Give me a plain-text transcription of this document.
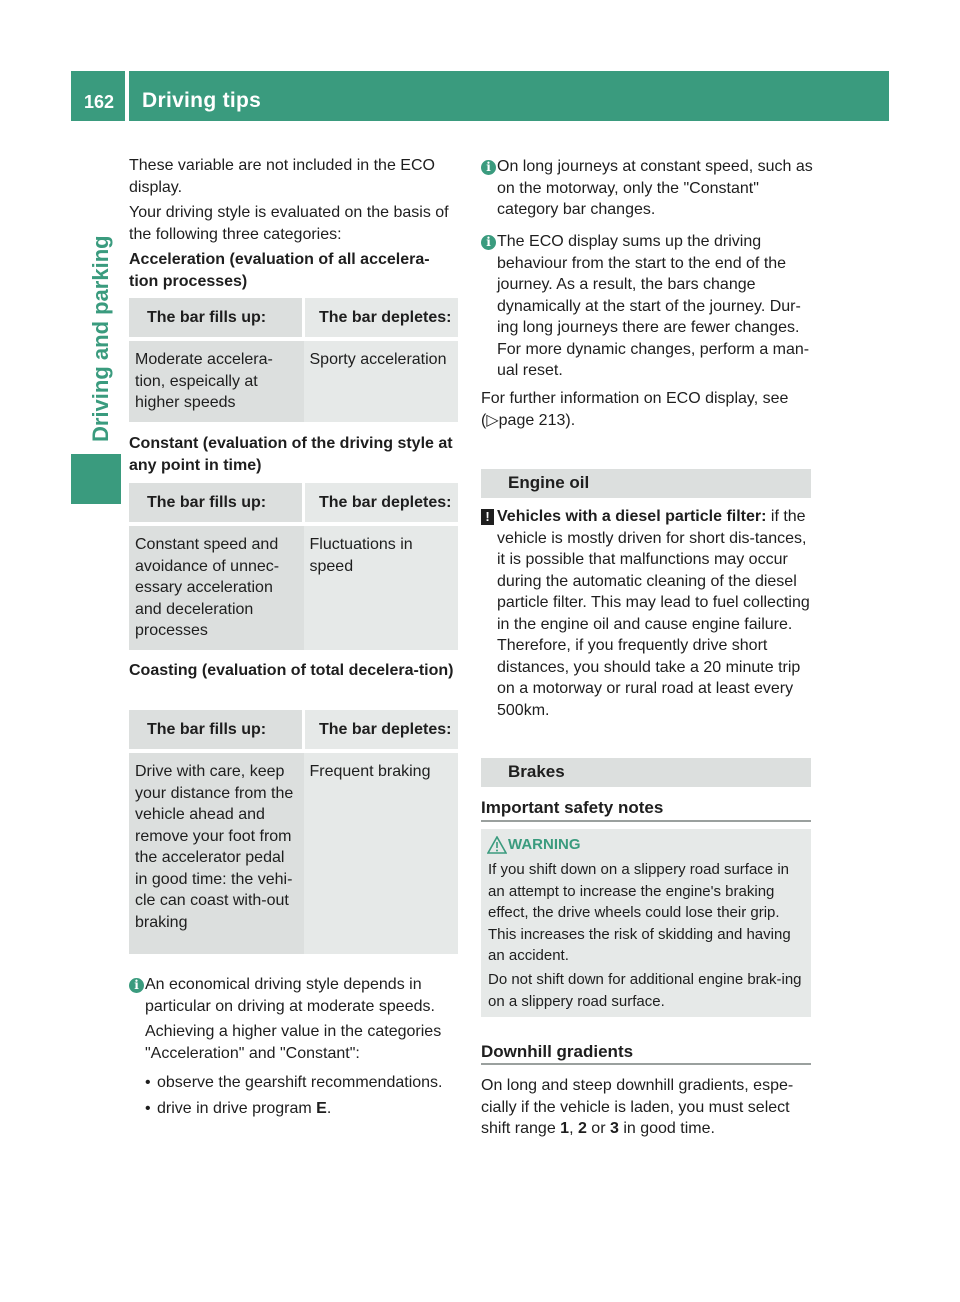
162 Driving tips
Driving and parking
These variable are not included in the ECO display.
Your driving style is evaluated on the basis of the following three categories:
Acceleration (evaluation of all accelera-tion processes)
The bar fills up:	The bar depletes:

Moderate accelera-tion, espeically at higher speeds	Sporty acceleration
Constant (evaluation of the driving style at any point in time)
The bar fills up:	The bar depletes:

Constant speed and avoidance of unnec-essary acceleration and deceleration processes	Fluctuations in speed
Coasting (evaluation of total decelera-tion)
The bar fills up:	The bar depletes:

Drive with care, keep your distance from the vehicle ahead and remove your foot from the accelerator pedal in good time: the vehi-cle can coast with-out braking	Frequent braking
i An economical driving style depends in particular on driving at moderate speeds.
Achieving a higher value in the categories "Acceleration" and "Constant":
• observe the gearshift recommendations.
• drive in drive program E.
i On long journeys at constant speed, such as on the motorway, only the "Constant" category bar changes.
i The ECO display sums up the driving behaviour from the start to the end of the journey. As a result, the bars change dynamically at the start of the journey. Dur-ing long journeys there are fewer changes. For more dynamic changes, perform a man-ual reset.
For further information on ECO display, see
(▷page 213).
Engine oil
! Vehicles with a diesel particle filter: if the vehicle is mostly driven for short dis-tances, it is possible that malfunctions may occur during the automatic cleaning of the diesel particle filter. This may lead to fuel collecting in the engine oil and cause engine failure. Therefore, if you frequently drive short distances, you should take a 20 minute trip on a motorway or rural road at least every 500km.
Brakes
Important safety notes
WARNING
If you shift down on a slippery road surface in an attempt to increase the engine's braking effect, the drive wheels could lose their grip. This increases the risk of skidding and having an accident.
Do not shift down for additional engine brak-ing on a slippery road surface.
Downhill gradients
On long and steep downhill gradients, espe-cially if the vehicle is laden, you must select shift range 1, 2 or 3 in good time.
